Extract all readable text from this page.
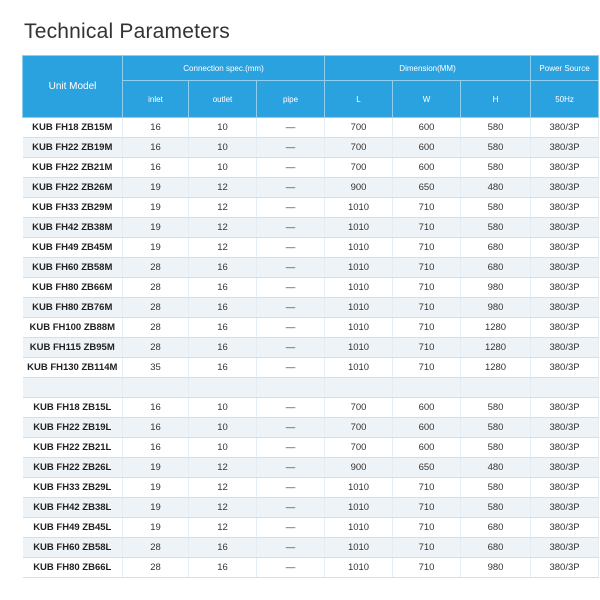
Technical Parameters
Unit Model	Connection spec.(mm)			Dimension(MM)			Power Source
	inlet	outlet	pipe	L	W	H	50Hz
KUB FH18 ZB15M	16	10	—	700	600	580	380/3P
KUB FH22 ZB19M	16	10	—	700	600	580	380/3P
KUB FH22 ZB21M	16	10	—	700	600	580	380/3P
KUB FH22 ZB26M	19	12	—	900	650	480	380/3P
KUB FH33 ZB29M	19	12	—	1010	710	580	380/3P
KUB FH42 ZB38M	19	12	—	1010	710	580	380/3P
KUB FH49 ZB45M	19	12	—	1010	710	680	380/3P
KUB FH60 ZB58M	28	16	—	1010	710	680	380/3P
KUB FH80 ZB66M	28	16	—	1010	710	980	380/3P
KUB FH80 ZB76M	28	16	—	1010	710	980	380/3P
KUB FH100 ZB88M	28	16	—	1010	710	1280	380/3P
KUB FH115 ZB95M	28	16	—	1010	710	1280	380/3P
KUB FH130 ZB114M	35	16	—	1010	710	1280	380/3P

KUB FH18 ZB15L	16	10	—	700	600	580	380/3P
KUB FH22 ZB19L	16	10	—	700	600	580	380/3P
KUB FH22 ZB21L	16	10	—	700	600	580	380/3P
KUB FH22 ZB26L	19	12	—	900	650	480	380/3P
KUB FH33 ZB29L	19	12	—	1010	710	580	380/3P
KUB FH42 ZB38L	19	12	—	1010	710	580	380/3P
KUB FH49 ZB45L	19	12	—	1010	710	680	380/3P
KUB FH60 ZB58L	28	16	—	1010	710	680	380/3P
KUB FH80 ZB66L	28	16	—	1010	710	980	380/3P
